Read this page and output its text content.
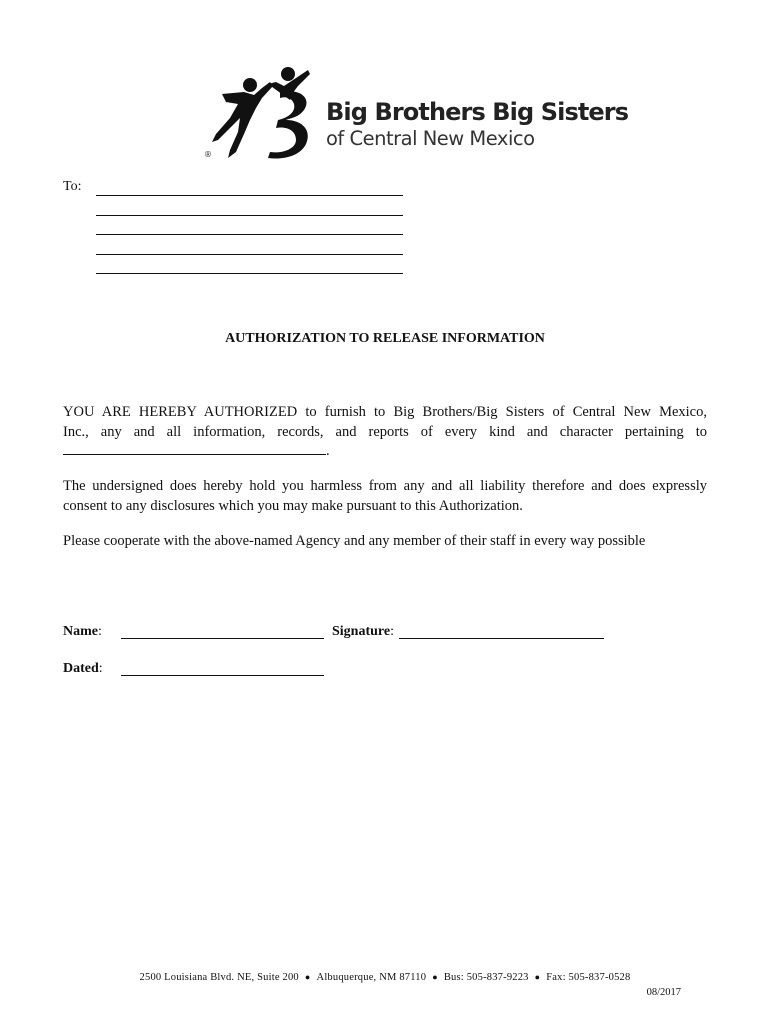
®
Big Brothers Big Sisters
of Central New Mexico
To:
AUTHORIZATION TO RELEASE INFORMATION
YOU ARE HEREBY AUTHORIZED to furnish to Big Brothers/Big Sisters of Central New Mexico,
Inc., any and all information, records, and reports of every kind and character pertaining to
.
The undersigned does hereby hold you harmless from any and all liability therefore and does expressly consent to any disclosures which you may make pursuant to this Authorization.
Please cooperate with the above-named Agency and any member of their staff in every way possible
Name:	Signature:
Dated:
2500 Louisiana Blvd. NE, Suite 200 ● Albuquerque, NM 87110 ● Bus: 505-837-9223 ● Fax: 505-837-0528
08/2017
